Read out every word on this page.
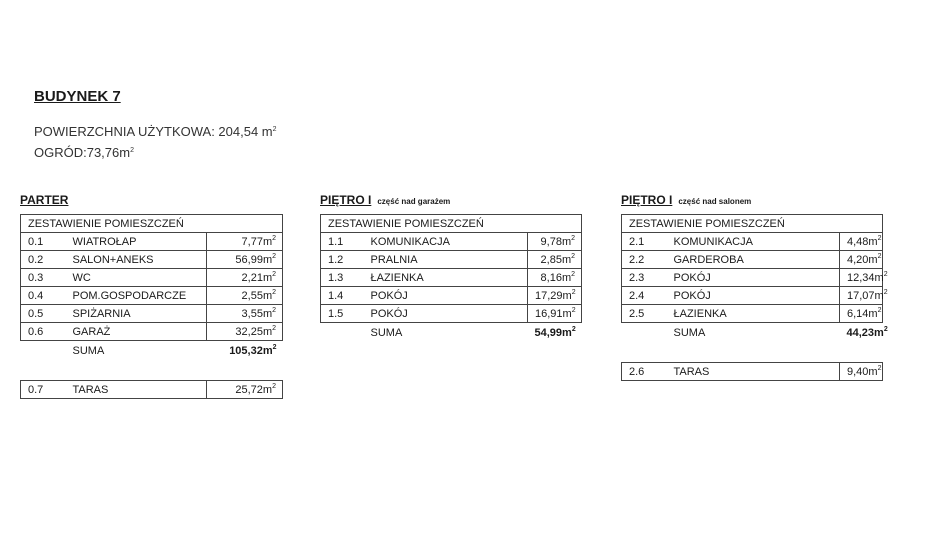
BUDYNEK 7
POWIERZCHNIA UŻYTKOWA: 204,54 $m^2$
$OGRÓD:73,76m^2$
PARTER
ZESTAWIENIE POMIESZCZEŃ		
0.1	WIATROŁAP	$7,77m^2$
0.2	SALON+ANEKS	$56,99m^2$
0.3	WC	$2,21m^2$
0.4	POM.GOSPODARCZE	$2,55m^2$
0.5	SPIŻARNIA	$3,55m^2$
0.6	GARAŻ	$32,25m^2$
	SUMA	$105,32m^2$
0.7	TARAS	$25,72m^2$
PIĘTRO I część nad garażem
ZESTAWIENIE POMIESZCZEŃ		
1.1	KOMUNIKACJA	$9,78m^2$
1.2	PRALNIA	$2,85m^2$
1.3	ŁAZIENKA	$8,16m^2$
1.4	POKÓJ	$17,29m^2$
1.5	POKÓJ	$16,91m^2$
	SUMA	$54,99m^2$
PIĘTRO I część nad salonem
ZESTAWIENIE POMIESZCZEŃ		
2.1	KOMUNIKACJA	$4,48m^2$
2.2	GARDEROBA	$4,20m^2$
2.3	POKÓJ	$12,34m^2$
2.4	POKÓJ	$17,07m^2$
2.5	ŁAZIENKA	$6,14m^2$
	SUMA	$44,23m^2$
2.6	TARAS	$9,40m^2$
